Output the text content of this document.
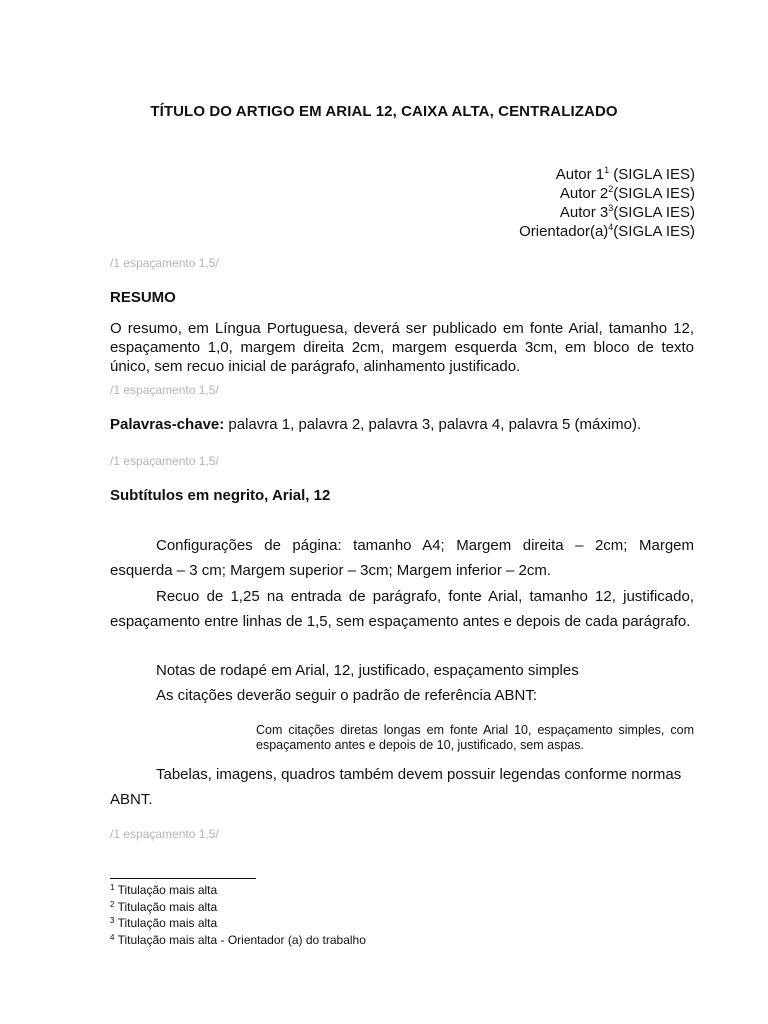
TÍTULO DO ARTIGO EM ARIAL 12, CAIXA ALTA, CENTRALIZADO
Autor $1^1$ (SIGLA IES)
Autor $2^2(SIGLA$ IES)
Autor $3^3(SIGLA$ IES)
$Orientador(a)^4(SIGLA$ IES)
/1 espaçamento 1,5/
RESUMO
O resumo, em Língua Portuguesa, deverá ser publicado em fonte Arial, tamanho 12, espaçamento 1,0, margem direita 2cm, margem esquerda 3cm, em bloco de texto único, sem recuo inicial de parágrafo, alinhamento justificado.
/1 espaçamento 1,5/
Palavras-chave: palavra 1, palavra 2, palavra 3, palavra 4, palavra 5 (máximo).
/1 espaçamento 1,5/
Subtítulos em negrito, Arial, 12
Configurações de página: tamanho A4; Margem direita – 2cm; Margem esquerda – 3 cm; Margem superior – 3cm; Margem inferior – 2cm.
Recuo de 1,25 na entrada de parágrafo, fonte Arial, tamanho 12, justificado, espaçamento entre linhas de 1,5, sem espaçamento antes e depois de cada parágrafo.
Notas de rodapé em Arial, 12, justificado, espaçamento simples
As citações deverão seguir o padrão de referência ABNT:
Com citações diretas longas em fonte Arial 10, espaçamento simples, com espaçamento antes e depois de 10, justificado, sem aspas.
Tabelas, imagens, quadros também devem possuir legendas conforme normas ABNT.
/1 espaçamento 1,5/
$^1$ Titulação mais alta
$^2$ Titulação mais alta
$^3$ Titulação mais alta
$^4$ Titulação mais alta - Orientador (a) do trabalho
